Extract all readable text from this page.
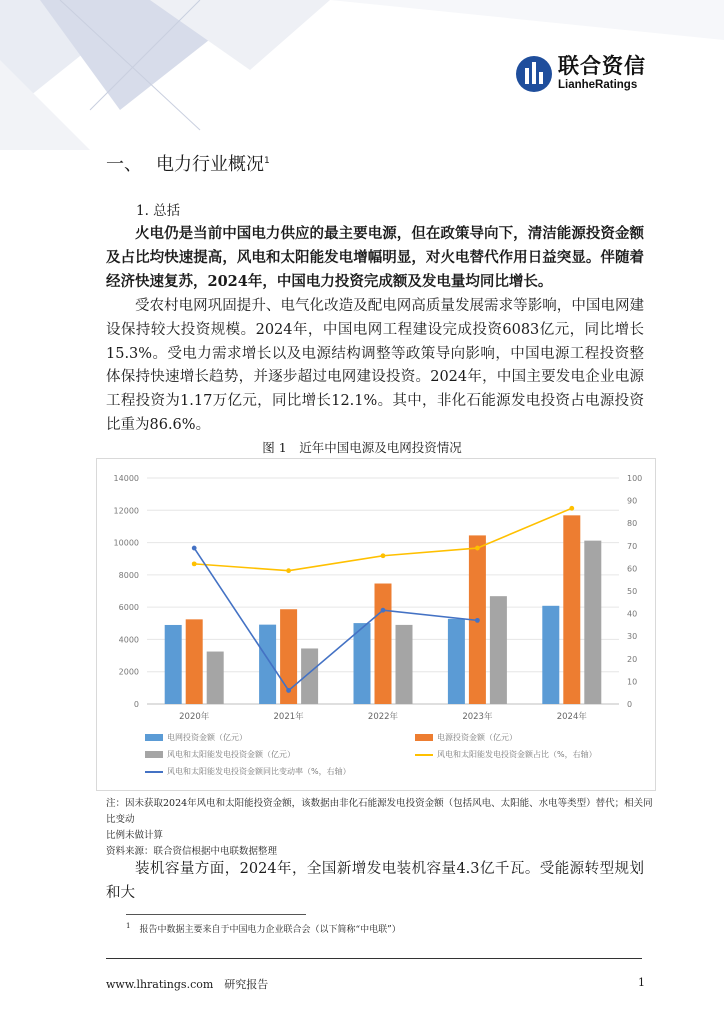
联合资信
LianheRatings
一、 电力行业概况$^1$
1. 总括
火电仍是当前中国电力供应的最主要电源，但在政策导向下，清洁能源投资金额及占比均快速提高，风电和太阳能发电增幅明显，对火电替代作用日益突显。伴随着经济快速复苏，2024年，中国电力投资完成额及发电量均同比增长。
受农村电网巩固提升、电气化改造及配电网高质量发展需求等影响，中国电网建设保持较大投资规模。2024年，中国电网工程建设完成投资6083亿元，同比增长15.3%。受电力需求增长以及电源结构调整等政策导向影响，中国电源工程投资整体保持快速增长趋势，并逐步超过电网建设投资。2024年，中国主要发电企业电源工程投资为1.17万亿元，同比增长12.1%。其中，非化石能源发电投资占电源投资比重为86.6%。
图 1　近年中国电源及电网投资情况
0
2000
4000
6000
8000
10000
12000
14000
0
10
20
30
40
50
60
70
80
90
100
2020年	2021年	2022年	2023年	2024年
电网投资金额（亿元）	电源投资金额（亿元）
风电和太阳能发电投资金额（亿元）	风电和太阳能发电投资金额占比（%，右轴）
风电和太阳能发电投资金额同比变动率（%，右轴）
注：因未获取2024年风电和太阳能投资金额，该数据由非化石能源发电投资金额（包括风电、太阳能、水电等类型）替代；相关同比变动
比例未做计算
资料来源：联合资信根据中电联数据整理
装机容量方面，2024年，全国新增发电装机容量4.3亿千瓦。受能源转型规划和大
$^1$　 报告中数据主要来自于中国电力企业联合会（以下简称“中电联”）
www.lhratings.com　 研究报告	1
